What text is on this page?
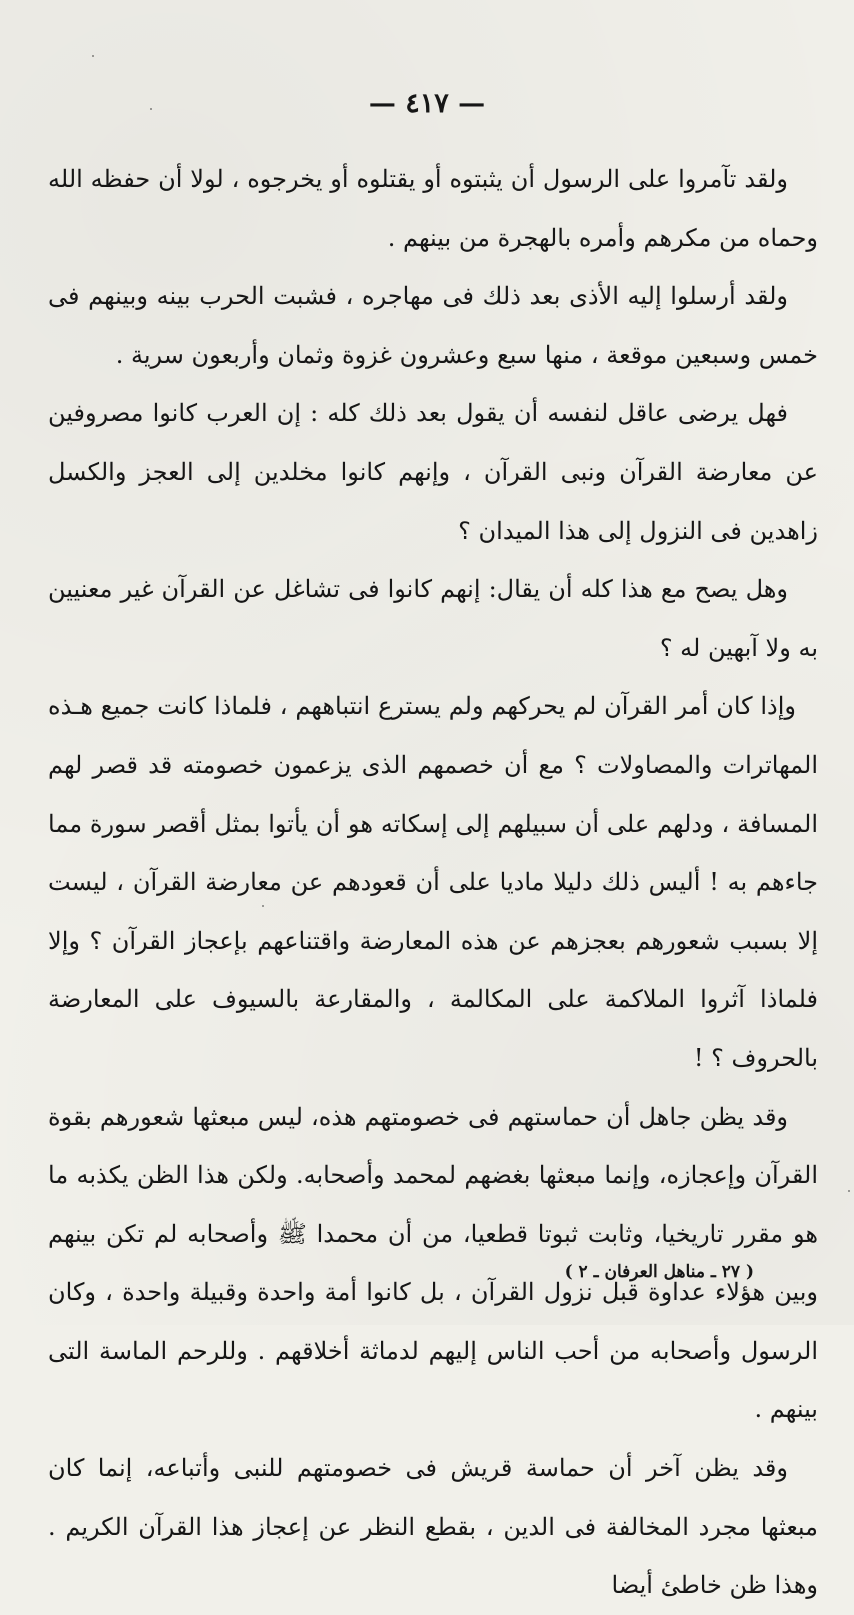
— ٤١٧ —

ولقد تآمروا على الرسول أن يثبتوه أو يقتلوه أو يخرجوه ، لولا أن حفظه الله وحماه من مكرهم وأمره بالهجرة من بينهم .

ولقد أرسلوا إليه الأذى بعد ذلك فى مهاجره ، فشبت الحرب بينه وبينهم فى خمس وسبعين موقعة ، منها سبع وعشرون غزوة وثمان وأربعون سرية .

فهل يرضى عاقل لنفسه أن يقول بعد ذلك كله : إن العرب كانوا مصروفين عن معارضة القرآن ونبى القرآن ، وإنهم كانوا مخلدين إلى العجز والكسل زاهدين فى النزول إلى هذا الميدان ؟

وهل يصح مع هذا كله أن يقال: إنهم كانوا فى تشاغل عن القرآن غير معنيين به ولا آبهين له ؟

وإذا كان أمر القرآن لم يحركهم ولم يسترع انتباههم ، فلماذا كانت جميع هـذه المهاترات والمصاولات ؟ مع أن خصمهم الذى يزعمون خصومته قد قصر لهم المسافة ، ودلهم على أن سبيلهم إلى إسكاته هو أن يأتوا بمثل أقصر سورة مما جاءهم به ! أليس ذلك دليلا ماديا على أن قعودهم عن معارضة القرآن ، ليست إلا بسبب شعورهم بعجزهم عن هذه المعارضة واقتناعهم بإعجاز القرآن ؟ وإلا فلماذا آثروا الملاكمة على المكالمة ، والمقارعة بالسيوف على المعارضة بالحروف ؟ !

وقد يظن جاهل أن حماستهم فى خصومتهم هذه، ليس مبعثها شعورهم بقوة القرآن وإعجازه، وإنما مبعثها بغضهم لمحمد وأصحابه. ولكن هذا الظن يكذبه ما هو مقرر تاريخيا، وثابت ثبوتا قطعيا، من أن محمدا ﷺ وأصحابه لم تكن بينهم وبين هؤلاء عداوة قبل نزول القرآن ، بل كانوا أمة واحدة وقبيلة واحدة ، وكان الرسول وأصحابه من أحب الناس إليهم لدماثة أخلاقهم . وللرحم الماسة التى بينهم .

وقد يظن آخر أن حماسة قريش فى خصومتهم للنبى وأتباعه، إنما كان مبعثها مجرد المخالفة فى الدين ، بقطع النظر عن إعجاز هذا القرآن الكريم . وهذا ظن خاطئ أيضا

( ٢٧ ـ مناهل العرفان ـ ٢ )
